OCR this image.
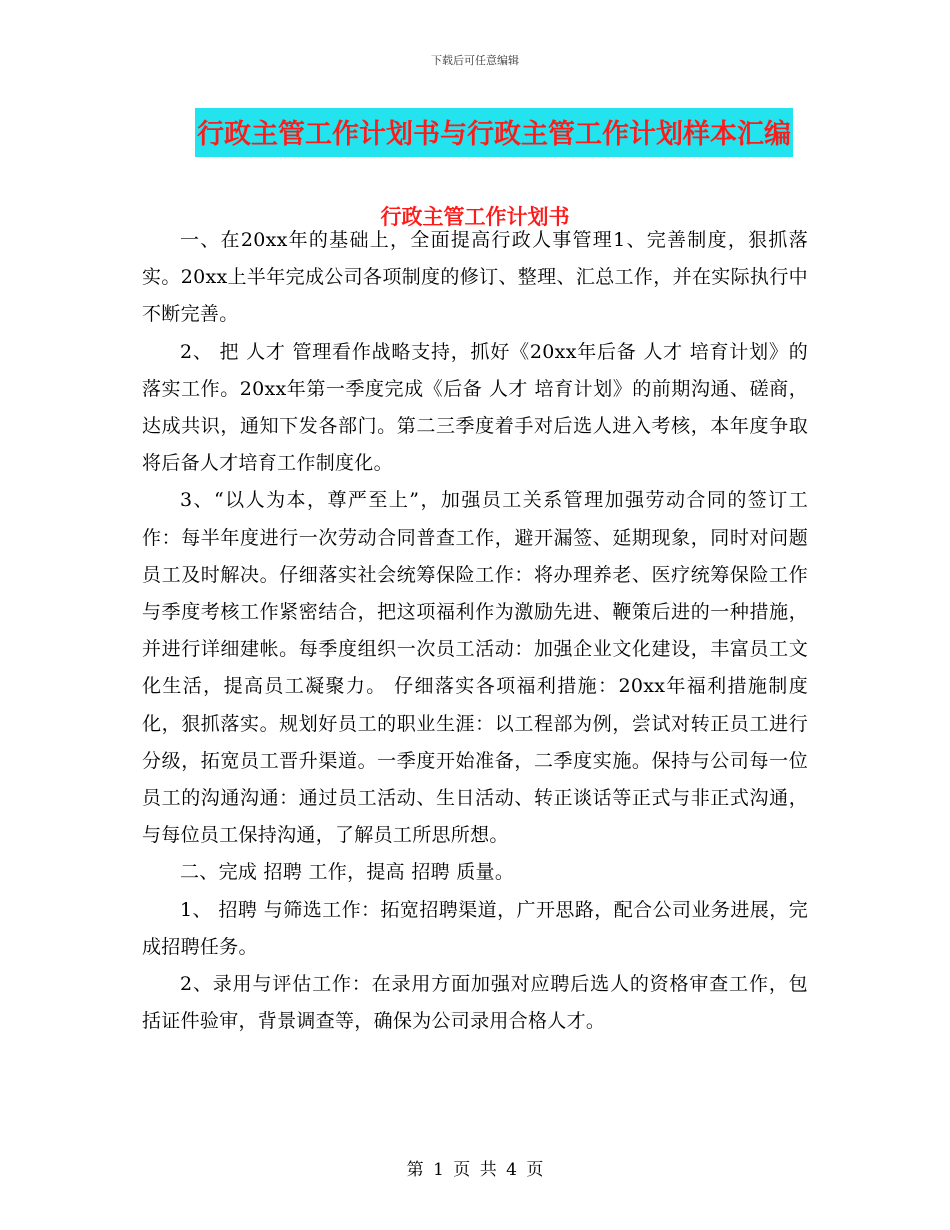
下载后可任意编辑
行政主管工作计划书与行政主管工作计划样本汇编
行政主管工作计划书

一、在20xx年的基础上，全面提高行政人事管理1、完善制度，狠抓落实。20xx上半年完成公司各项制度的修订、整理、汇总工作，并在实际执行中不断完善。

2、 把 人才 管理看作战略支持，抓好《20xx年后备 人才 培育计划》的落实工作。20xx年第一季度完成《后备 人才 培育计划》的前期沟通、磋商，达成共识，通知下发各部门。第二三季度着手对后选人进入考核，本年度争取将后备人才培育工作制度化。

3、“以人为本，尊严至上”，加强员工关系管理加强劳动合同的签订工作：每半年度进行一次劳动合同普查工作，避开漏签、延期现象，同时对问题员工及时解决。仔细落实社会统筹保险工作：将办理养老、医疗统筹保险工作与季度考核工作紧密结合，把这项福利作为激励先进、鞭策后进的一种措施，并进行详细建帐。每季度组织一次员工活动：加强企业文化建设，丰富员工文化生活，提高员工凝聚力。 仔细落实各项福利措施：20xx年福利措施制度化，狠抓落实。规划好员工的职业生涯：以工程部为例，尝试对转正员工进行分级，拓宽员工晋升渠道。一季度开始准备，二季度实施。保持与公司每一位员工的沟通沟通：通过员工活动、生日活动、转正谈话等正式与非正式沟通，与每位员工保持沟通，了解员工所思所想。

二、完成 招聘 工作，提高 招聘 质量。

1、 招聘 与筛选工作：拓宽招聘渠道，广开思路，配合公司业务进展，完成招聘任务。

2、录用与评估工作：在录用方面加强对应聘后选人的资格审查工作，包括证件验审，背景调查等，确保为公司录用合格人才。

第 1 页 共 4 页
